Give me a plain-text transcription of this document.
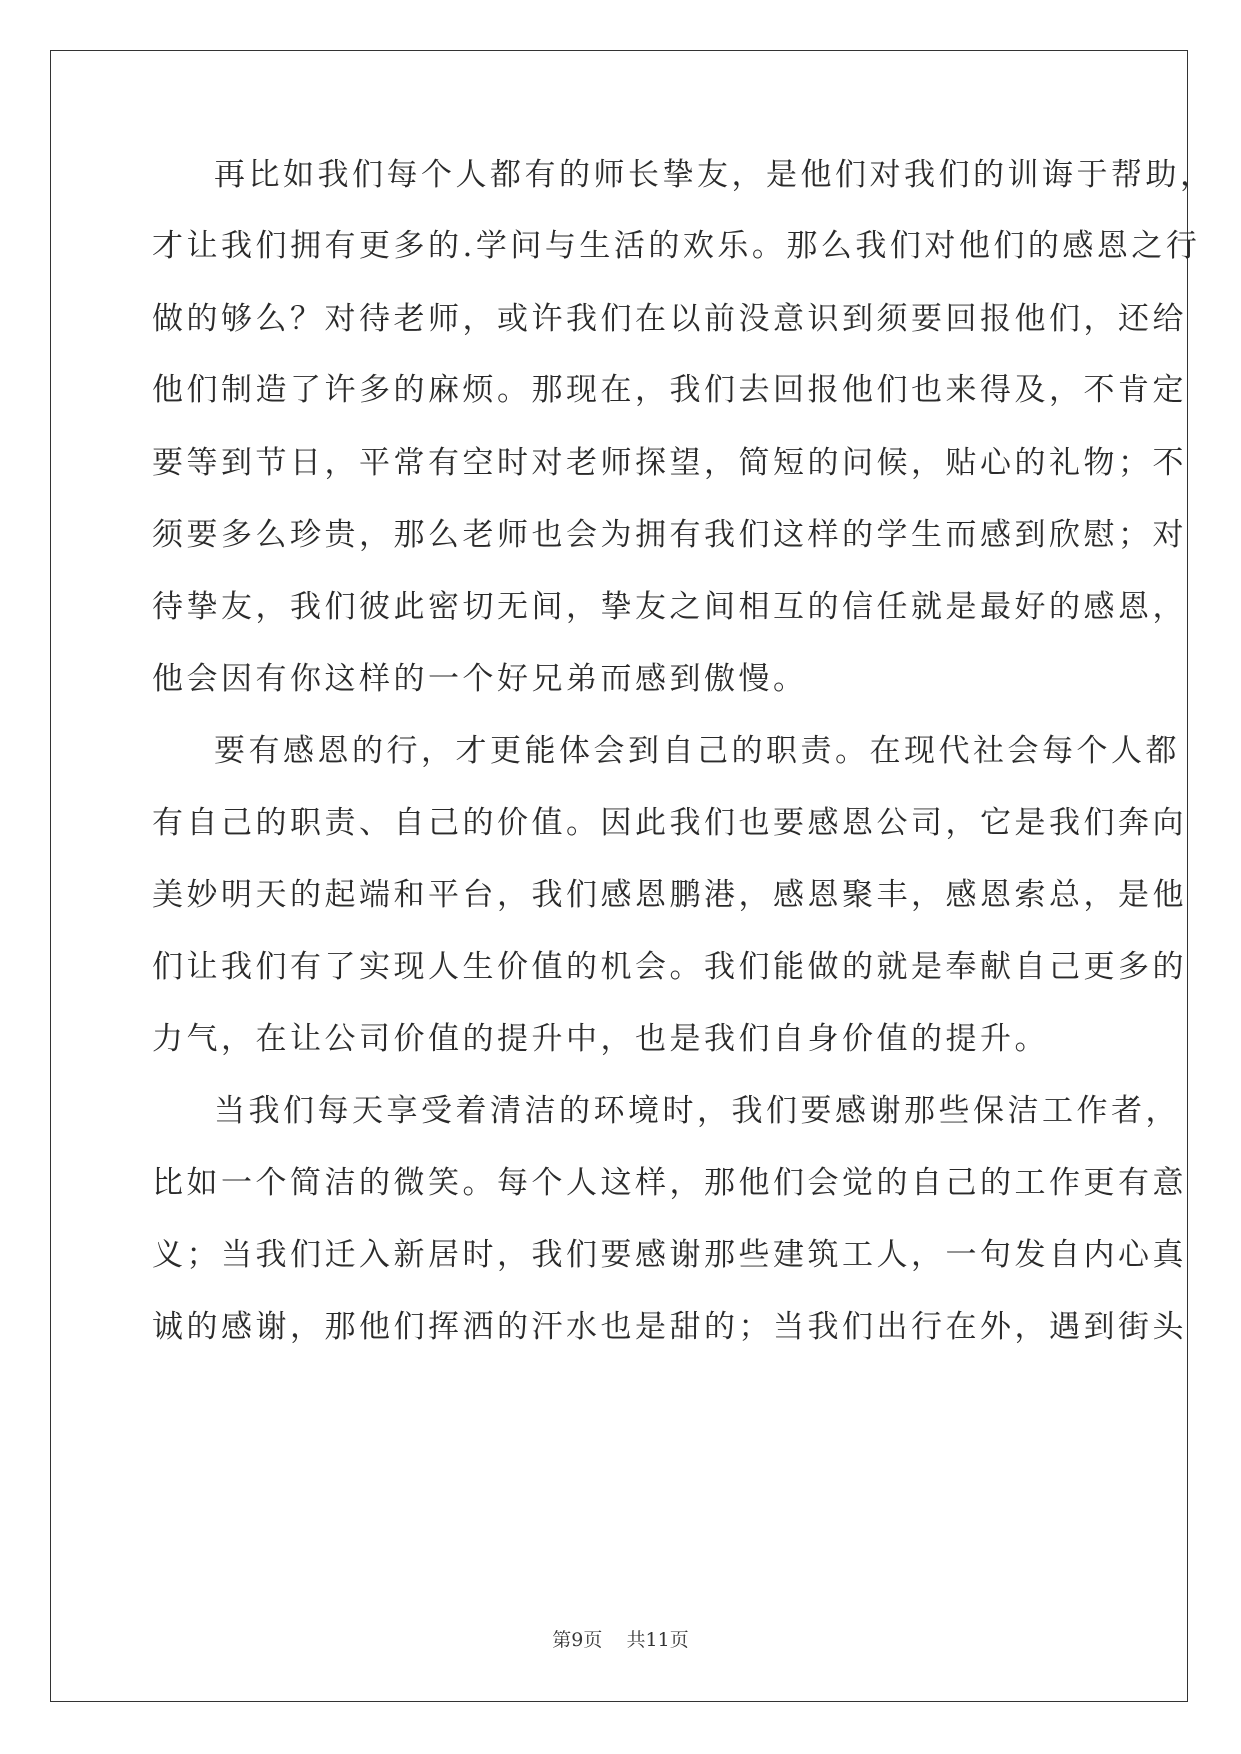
再比如我们每个人都有的师长挚友，是他们对我们的训诲于帮助，
才让我们拥有更多的.学问与生活的欢乐。那么我们对他们的感恩之行
做的够么？对待老师，或许我们在以前没意识到须要回报他们，还给
他们制造了许多的麻烦。那现在，我们去回报他们也来得及，不肯定
要等到节日，平常有空时对老师探望，简短的问候，贴心的礼物；不
须要多么珍贵，那么老师也会为拥有我们这样的学生而感到欣慰；对
待挚友，我们彼此密切无间，挚友之间相互的信任就是最好的感恩，
他会因有你这样的一个好兄弟而感到傲慢。
要有感恩的行，才更能体会到自己的职责。在现代社会每个人都
有自己的职责、自己的价值。因此我们也要感恩公司，它是我们奔向
美妙明天的起端和平台，我们感恩鹏港，感恩聚丰，感恩索总，是他
们让我们有了实现人生价值的机会。我们能做的就是奉献自己更多的
力气，在让公司价值的提升中，也是我们自身价值的提升。
当我们每天享受着清洁的环境时，我们要感谢那些保洁工作者，
比如一个简洁的微笑。每个人这样，那他们会觉的自己的工作更有意
义；当我们迁入新居时，我们要感谢那些建筑工人，一句发自内心真
诚的感谢，那他们挥洒的汗水也是甜的；当我们出行在外，遇到街头
第9页 共11页
